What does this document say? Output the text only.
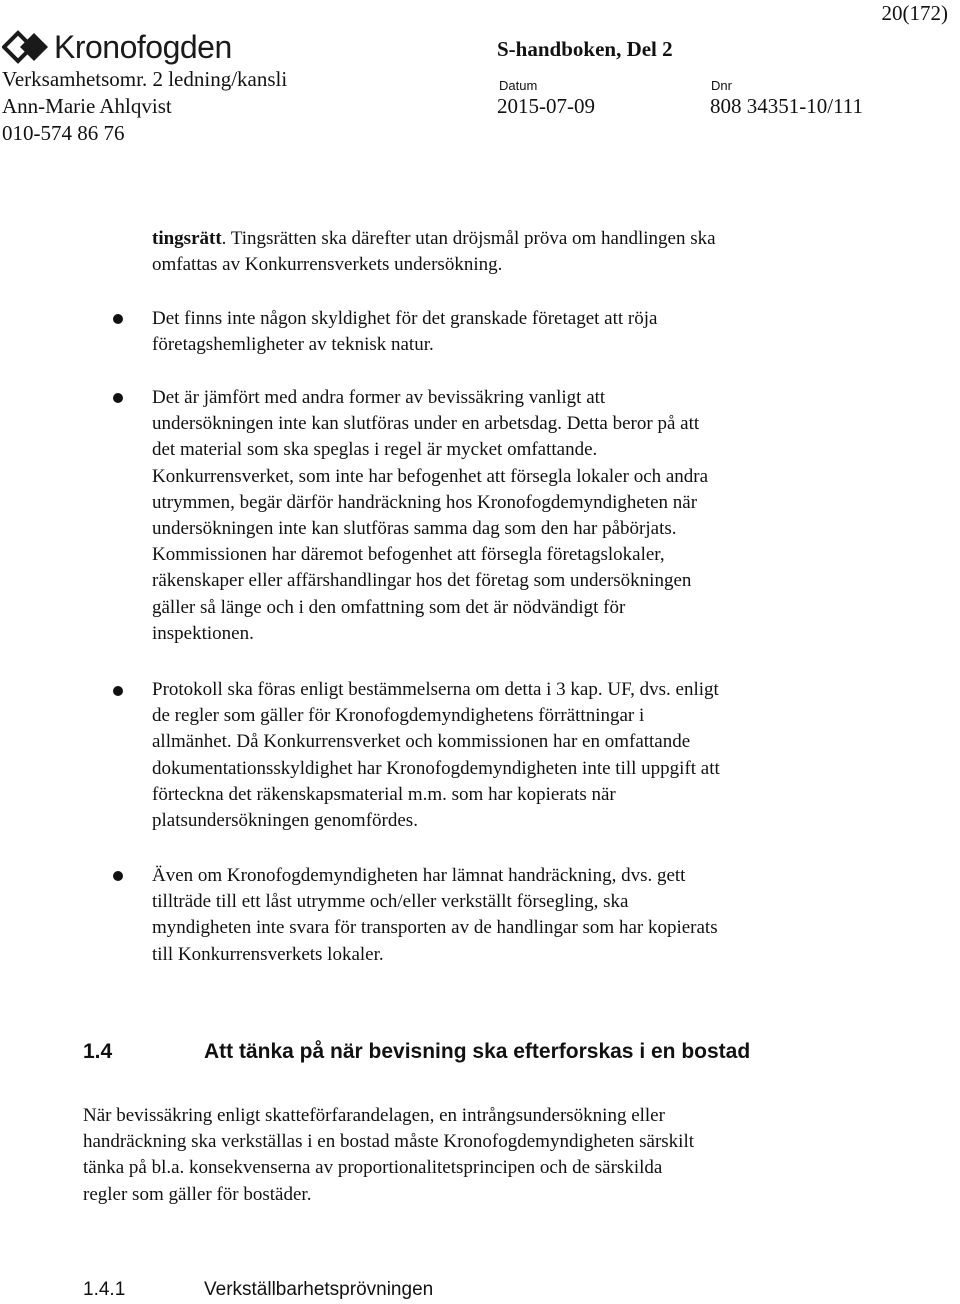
20(172)
Kronofogden
Verksamhetsomr. 2 ledning/kansli
Ann-Marie Ahlqvist
010-574 86 76
S-handboken, Del 2
Datum
2015-07-09
Dnr
808 34351-10/111

tingsrätt. Tingsrätten ska därefter utan dröjsmål pröva om handlingen ska

omfattas av Konkurrensverkets undersökning.

Det finns inte någon skyldighet för det granskade företaget att röja

företagshemligheter av teknisk natur.

Det är jämfört med andra former av bevissäkring vanligt att

undersökningen inte kan slutföras under en arbetsdag. Detta beror på att

det material som ska speglas i regel är mycket omfattande.

Konkurrensverket, som inte har befogenhet att försegla lokaler och andra

utrymmen, begär därför handräckning hos Kronofogdemyndigheten när

undersökningen inte kan slutföras samma dag som den har påbörjats.

Kommissionen har däremot befogenhet att försegla företagslokaler,

räkenskaper eller affärshandlingar hos det företag som undersökningen

gäller så länge och i den omfattning som det är nödvändigt för

inspektionen.

Protokoll ska föras enligt bestämmelserna om detta i 3 kap. UF, dvs. enligt

de regler som gäller för Kronofogdemyndighetens förrättningar i

allmänhet. Då Konkurrensverket och kommissionen har en omfattande

dokumentationsskyldighet har Kronofogdemyndigheten inte till uppgift att

förteckna det räkenskapsmaterial m.m. som har kopierats när

platsundersökningen genomfördes.

Även om Kronofogdemyndigheten har lämnat handräckning, dvs. gett

tillträde till ett låst utrymme och/eller verkställt försegling, ska

myndigheten inte svara för transporten av de handlingar som har kopierats

till Konkurrensverkets lokaler.

1.4	Att tänka på när bevisning ska efterforskas i en bostad

När bevissäkring enligt skatteförfarandelagen, en intrångsundersökning eller

handräckning ska verkställas i en bostad måste Kronofogdemyndigheten särskilt

tänka på bl.a. konsekvenserna av proportionalitetsprincipen och de särskilda

regler som gäller för bostäder.

1.4.1	Verkställbarhetsprövningen
